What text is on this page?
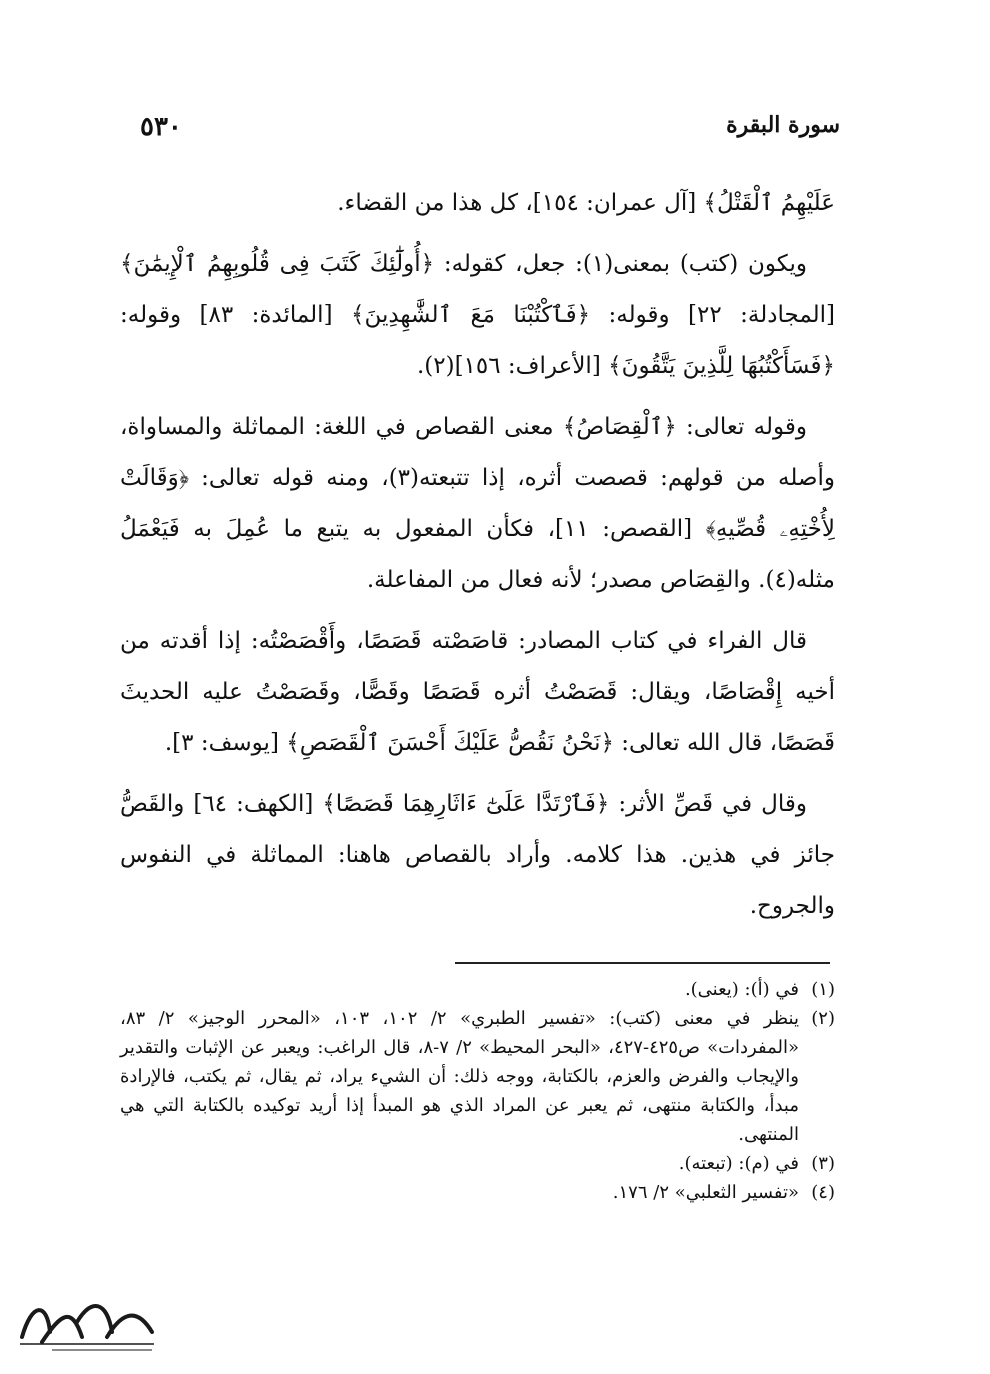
سورة البقرة
٥٣٠

عَلَيْهِمُ ٱلْقَتْلُ﴾ [آل عمران: ١٥٤]، كل هذا من القضاء.

ويكون (كتب) بمعنى(١): جعل، كقوله: ﴿أُولَٰٓئِكَ كَتَبَ فِى قُلُوبِهِمُ ٱلْإِيمَٰنَ﴾ [المجادلة: ٢٢] وقوله: ﴿فَٱكْتُبْنَا مَعَ ٱلشَّٰهِدِينَ﴾ [المائدة: ٨٣] وقوله: ﴿فَسَأَكْتُبُهَا لِلَّذِينَ يَتَّقُونَ﴾ [الأعراف: ١٥٦](٢).

وقوله تعالى: ﴿ٱلْقِصَاصُ﴾ معنى القصاص في اللغة: المماثلة والمساواة، وأصله من قولهم: قصصت أثره، إذا تتبعته(٣)، ومنه قوله تعالى: ﴿وَقَالَتْ لِأُخْتِهِۦ قُصِّيهِ﴾ [القصص: ١١]، فكأن المفعول به يتبع ما عُمِلَ به فَيَعْمَلُ مثله(٤). والقِصَاص مصدر؛ لأنه فعال من المفاعلة.

قال الفراء في كتاب المصادر: قاصَصْته قَصَصًا، وأَقْصَصْتُه: إذا أقدته من أخيه إِقْصَاصًا، ويقال: قَصَصْتُ أثره قَصَصًا وقَصًّا، وقَصَصْتُ عليه الحديثَ قَصَصًا، قال الله تعالى: ﴿نَحْنُ نَقُصُّ عَلَيْكَ أَحْسَنَ ٱلْقَصَصِ﴾ [يوسف: ٣].

وقال في قَصِّ الأثر: ﴿فَٱرْتَدَّا عَلَىٰٓ ءَاثَارِهِمَا قَصَصًا﴾ [الكهف: ٦٤] والقَصُّ جائز في هذين. هذا كلامه. وأراد بالقصاص هاهنا: المماثلة في النفوس والجروح.

(١)
في (أ): (يعنى).
(٢)
ينظر في معنى (كتب): «تفسير الطبري» ٢/ ١٠٢، ١٠٣، «المحرر الوجيز» ٢/ ٨٣، «المفردات» ص٤٢٥-٤٢٧، «البحر المحيط» ٢/ ٧-٨، قال الراغب: ويعبر عن الإثبات والتقدير والإيجاب والفرض والعزم، بالكتابة، ووجه ذلك: أن الشيء يراد، ثم يقال، ثم يكتب، فالإرادة مبدأ، والكتابة منتهى، ثم يعبر عن المراد الذي هو المبدأ إذا أريد توكيده بالكتابة التي هي المنتهى.
(٣)
في (م): (تبعته).
(٤)
«تفسير الثعلبي» ٢/ ١٧٦.
